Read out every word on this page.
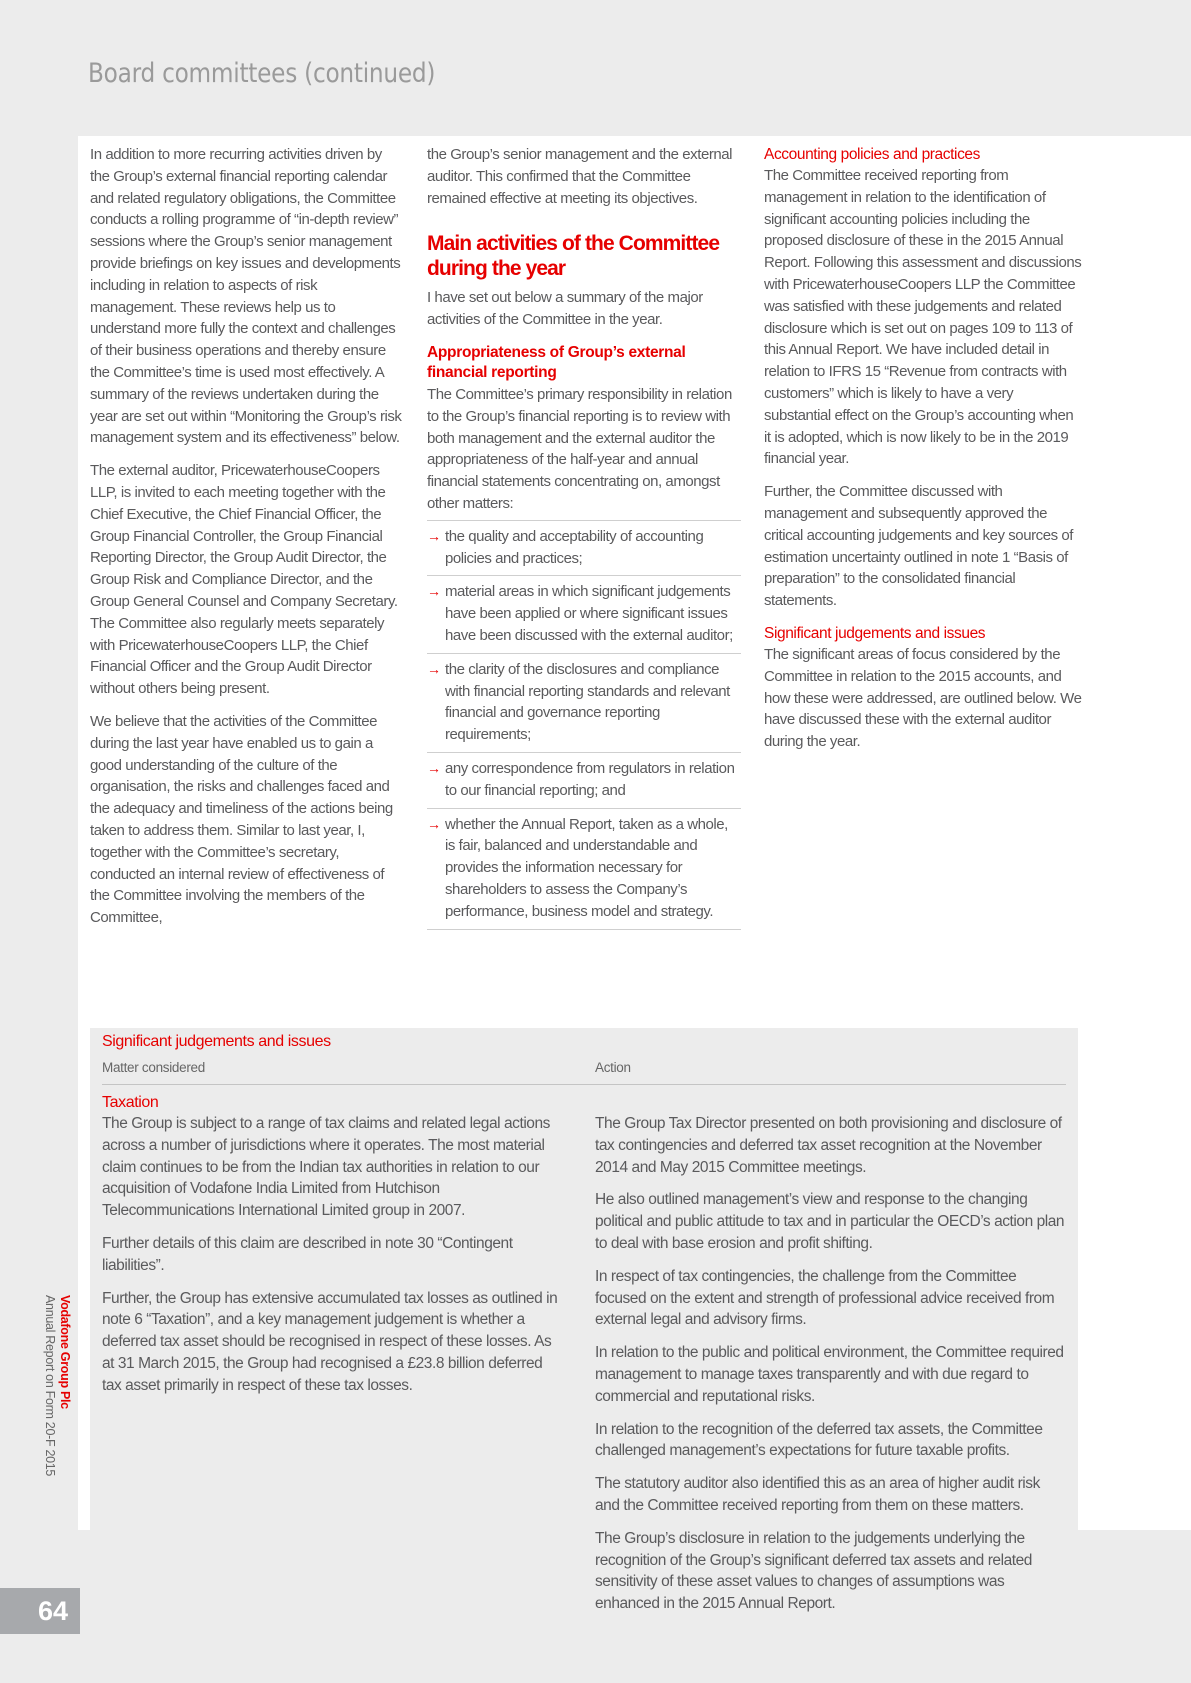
Board committees (continued)

In addition to more recurring activities driven by the Group’s external financial reporting calendar and related regulatory obligations, the Committee conducts a rolling programme of “in-depth review” sessions where the Group’s senior management provide briefings on key issues and developments including in relation to aspects of risk management. These reviews help us to understand more fully the context and challenges of their business operations and thereby ensure the Committee’s time is used most effectively. A summary of the reviews undertaken during the year are set out within “Monitoring the Group’s risk management system and its effectiveness” below.

The external auditor, PricewaterhouseCoopers LLP, is invited to each meeting together with the Chief Executive, the Chief Financial Officer, the Group Financial Controller, the Group Financial Reporting Director, the Group Audit Director, the Group Risk and Compliance Director, and the Group General Counsel and Company Secretary. The Committee also regularly meets separately with PricewaterhouseCoopers LLP, the Chief Financial Officer and the Group Audit Director without others being present.

We believe that the activities of the Committee during the last year have enabled us to gain a good understanding of the culture of the organisation, the risks and challenges faced and the adequacy and timeliness of the actions being taken to address them. Similar to last year, I, together with the Committee’s secretary, conducted an internal review of effectiveness of the Committee involving the members of the Committee,

the Group’s senior management and the external auditor. This confirmed that the Committee remained effective at meeting its objectives.

Main activities of the Committee during the year

I have set out below a summary of the major activities of the Committee in the year.

Appropriateness of Group’s external financial reporting

The Committee’s primary responsibility in relation to the Group’s financial reporting is to review with both management and the external auditor the appropriateness of the half-year and annual financial statements concentrating on, amongst other matters:

→ the quality and acceptability of accounting policies and practices;
→ material areas in which significant judgements have been applied or where significant issues have been discussed with the external auditor;
→ the clarity of the disclosures and compliance with financial reporting standards and relevant financial and governance reporting requirements;
→ any correspondence from regulators in relation to our financial reporting; and
→ whether the Annual Report, taken as a whole, is fair, balanced and understandable and provides the information necessary for shareholders to assess the Company’s performance, business model and strategy.
Accounting policies and practices

The Committee received reporting from management in relation to the identification of significant accounting policies including the proposed disclosure of these in the 2015 Annual Report. Following this assessment and discussions with PricewaterhouseCoopers LLP the Committee was satisfied with these judgements and related disclosure which is set out on pages 109 to 113 of this Annual Report. We have included detail in relation to IFRS 15 “Revenue from contracts with customers” which is likely to have a very substantial effect on the Group’s accounting when it is adopted, which is now likely to be in the 2019 financial year.

Further, the Committee discussed with management and subsequently approved the critical accounting judgements and key sources of estimation uncertainty outlined in note 1 “Basis of preparation” to the consolidated financial statements.

Significant judgements and issues

The significant areas of focus considered by the Committee in relation to the 2015 accounts, and how these were addressed, are outlined below. We have discussed these with the external auditor during the year.

Significant judgements and issues
Matter considered	Action
Taxation

The Group is subject to a range of tax claims and related legal actions across a number of jurisdictions where it operates. The most material claim continues to be from the Indian tax authorities in relation to our acquisition of Vodafone India Limited from Hutchison Telecommunications International Limited group in 2007.

Further details of this claim are described in note 30 “Contingent liabilities”.

Further, the Group has extensive accumulated tax losses as outlined in note 6 “Taxation”, and a key management judgement is whether a deferred tax asset should be recognised in respect of these losses. As at 31 March 2015, the Group had recognised a £23.8 billion deferred tax asset primarily in respect of these tax losses.

The Group Tax Director presented on both provisioning and disclosure of tax contingencies and deferred tax asset recognition at the November 2014 and May 2015 Committee meetings.

He also outlined management’s view and response to the changing political and public attitude to tax and in particular the OECD’s action plan to deal with base erosion and profit shifting.

In respect of tax contingencies, the challenge from the Committee focused on the extent and strength of professional advice received from external legal and advisory firms.

In relation to the public and political environment, the Committee required management to manage taxes transparently and with due regard to commercial and reputational risks.

In relation to the recognition of the deferred tax assets, the Committee challenged management’s expectations for future taxable profits.

The statutory auditor also identified this as an area of higher audit risk and the Committee received reporting from them on these matters.

The Group’s disclosure in relation to the judgements underlying the recognition of the Group’s significant deferred tax assets and related sensitivity of these asset values to changes of assumptions was enhanced in the 2015 Annual Report.

Vodafone Group Plc
Annual Report on Form 20-F 2015
64
